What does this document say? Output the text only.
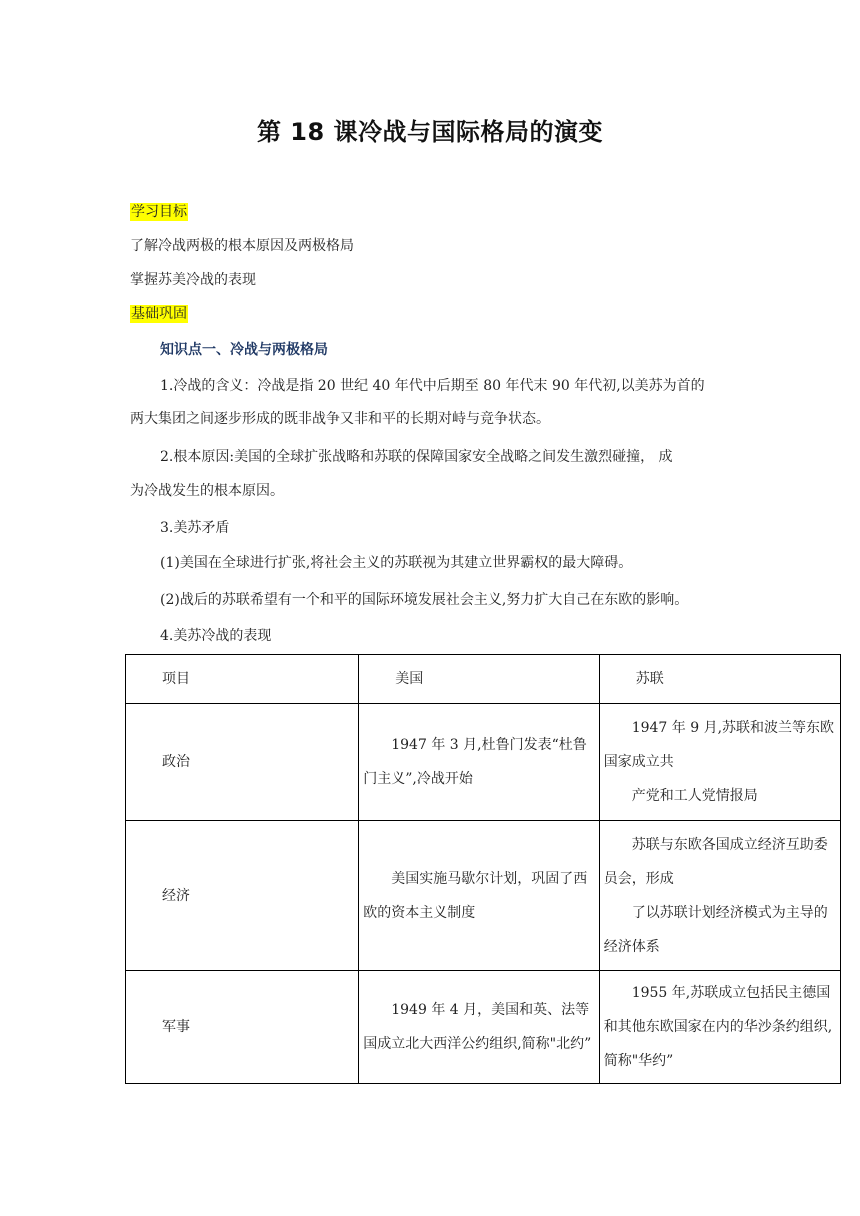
第 18 课冷战与国际格局的演变
学习目标
了解冷战两极的根本原因及两极格局
掌握苏美冷战的表现
基础巩固
知识点一、冷战与两极格局
1.冷战的含义：冷战是指 20 世纪 40 年代中后期至 80 年代末 90 年代初,以美苏为首的
两大集团之间逐步形成的既非战争又非和平的长期对峙与竞争状态。
2.根本原因:美国的全球扩张战略和苏联的保障国家安全战略之间发生激烈碰撞， 成
为冷战发生的根本原因。
3.美苏矛盾
(1)美国在全球进行扩张,将社会主义的苏联视为其建立世界霸权的最大障碍。
(2)战后的苏联希望有一个和平的国际环境发展社会主义,努力扩大自己在东欧的影响。
4.美苏冷战的表现
项目	美国	苏联
政治	1947 年 3 月,杜鲁门发表“杜鲁门主义”,冷战开始	1947 年 9 月,苏联和波兰等东欧国家成立共
产党和工人党情报局

经济	美国实施马歇尔计划，巩固了西欧的资本主义制度	苏联与东欧各国成立经济互助委员会，形成
了以苏联计划经济模式为主导的经济体系

军事	1949 年 4 月，美国和英、法等国成立北大西洋公约组织,简称"北约”	1955 年,苏联成立包括民主德国和其他东欧国家在内的华沙条约组织,简称"华约”
